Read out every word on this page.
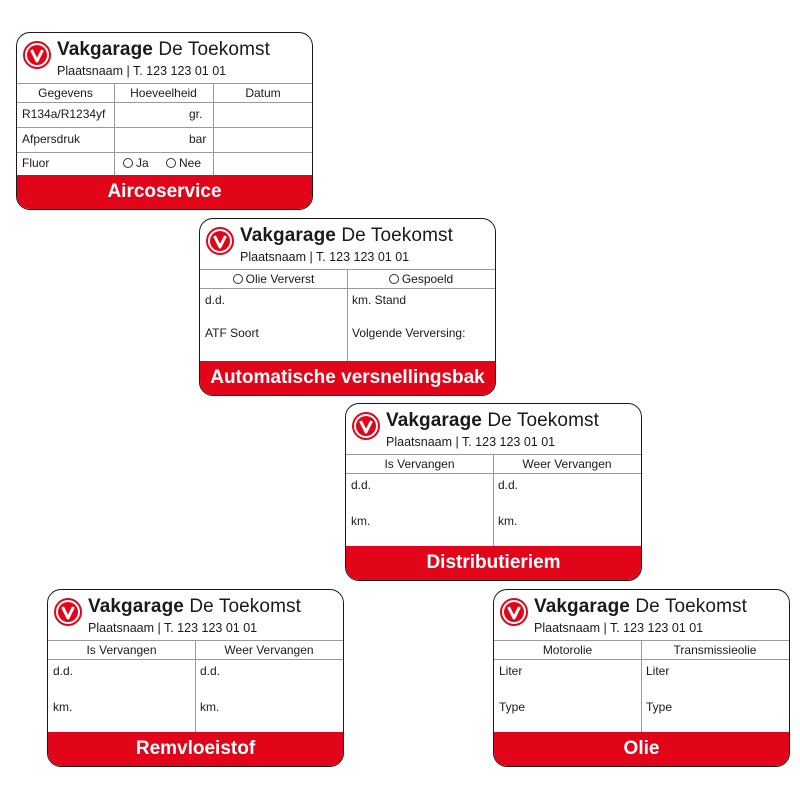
Vakgarage De Toekomst
Plaatsnaam | T. 123 123 01 01
Gegevens	Hoeveelheid	Datum
R134a/R1234yf	gr.
Afpersdruk	bar
Fluor	Ja	Nee
Aircoservice
Vakgarage De Toekomst
Plaatsnaam | T. 123 123 01 01
Olie Ververst	Gespoeld
d.d.	km. Stand
ATF Soort	Volgende Verversing:
Automatische versnellingsbak
Vakgarage De Toekomst
Plaatsnaam | T. 123 123 01 01
Is Vervangen	Weer Vervangen
d.d.	d.d.
km.	km.
Distributieriem
Vakgarage De Toekomst
Plaatsnaam | T. 123 123 01 01
Is Vervangen	Weer Vervangen
d.d.	d.d.
km.	km.
Remvloeistof
Vakgarage De Toekomst
Plaatsnaam | T. 123 123 01 01
Motorolie	Transmissieolie
Liter	Liter
Type	Type
Olie
